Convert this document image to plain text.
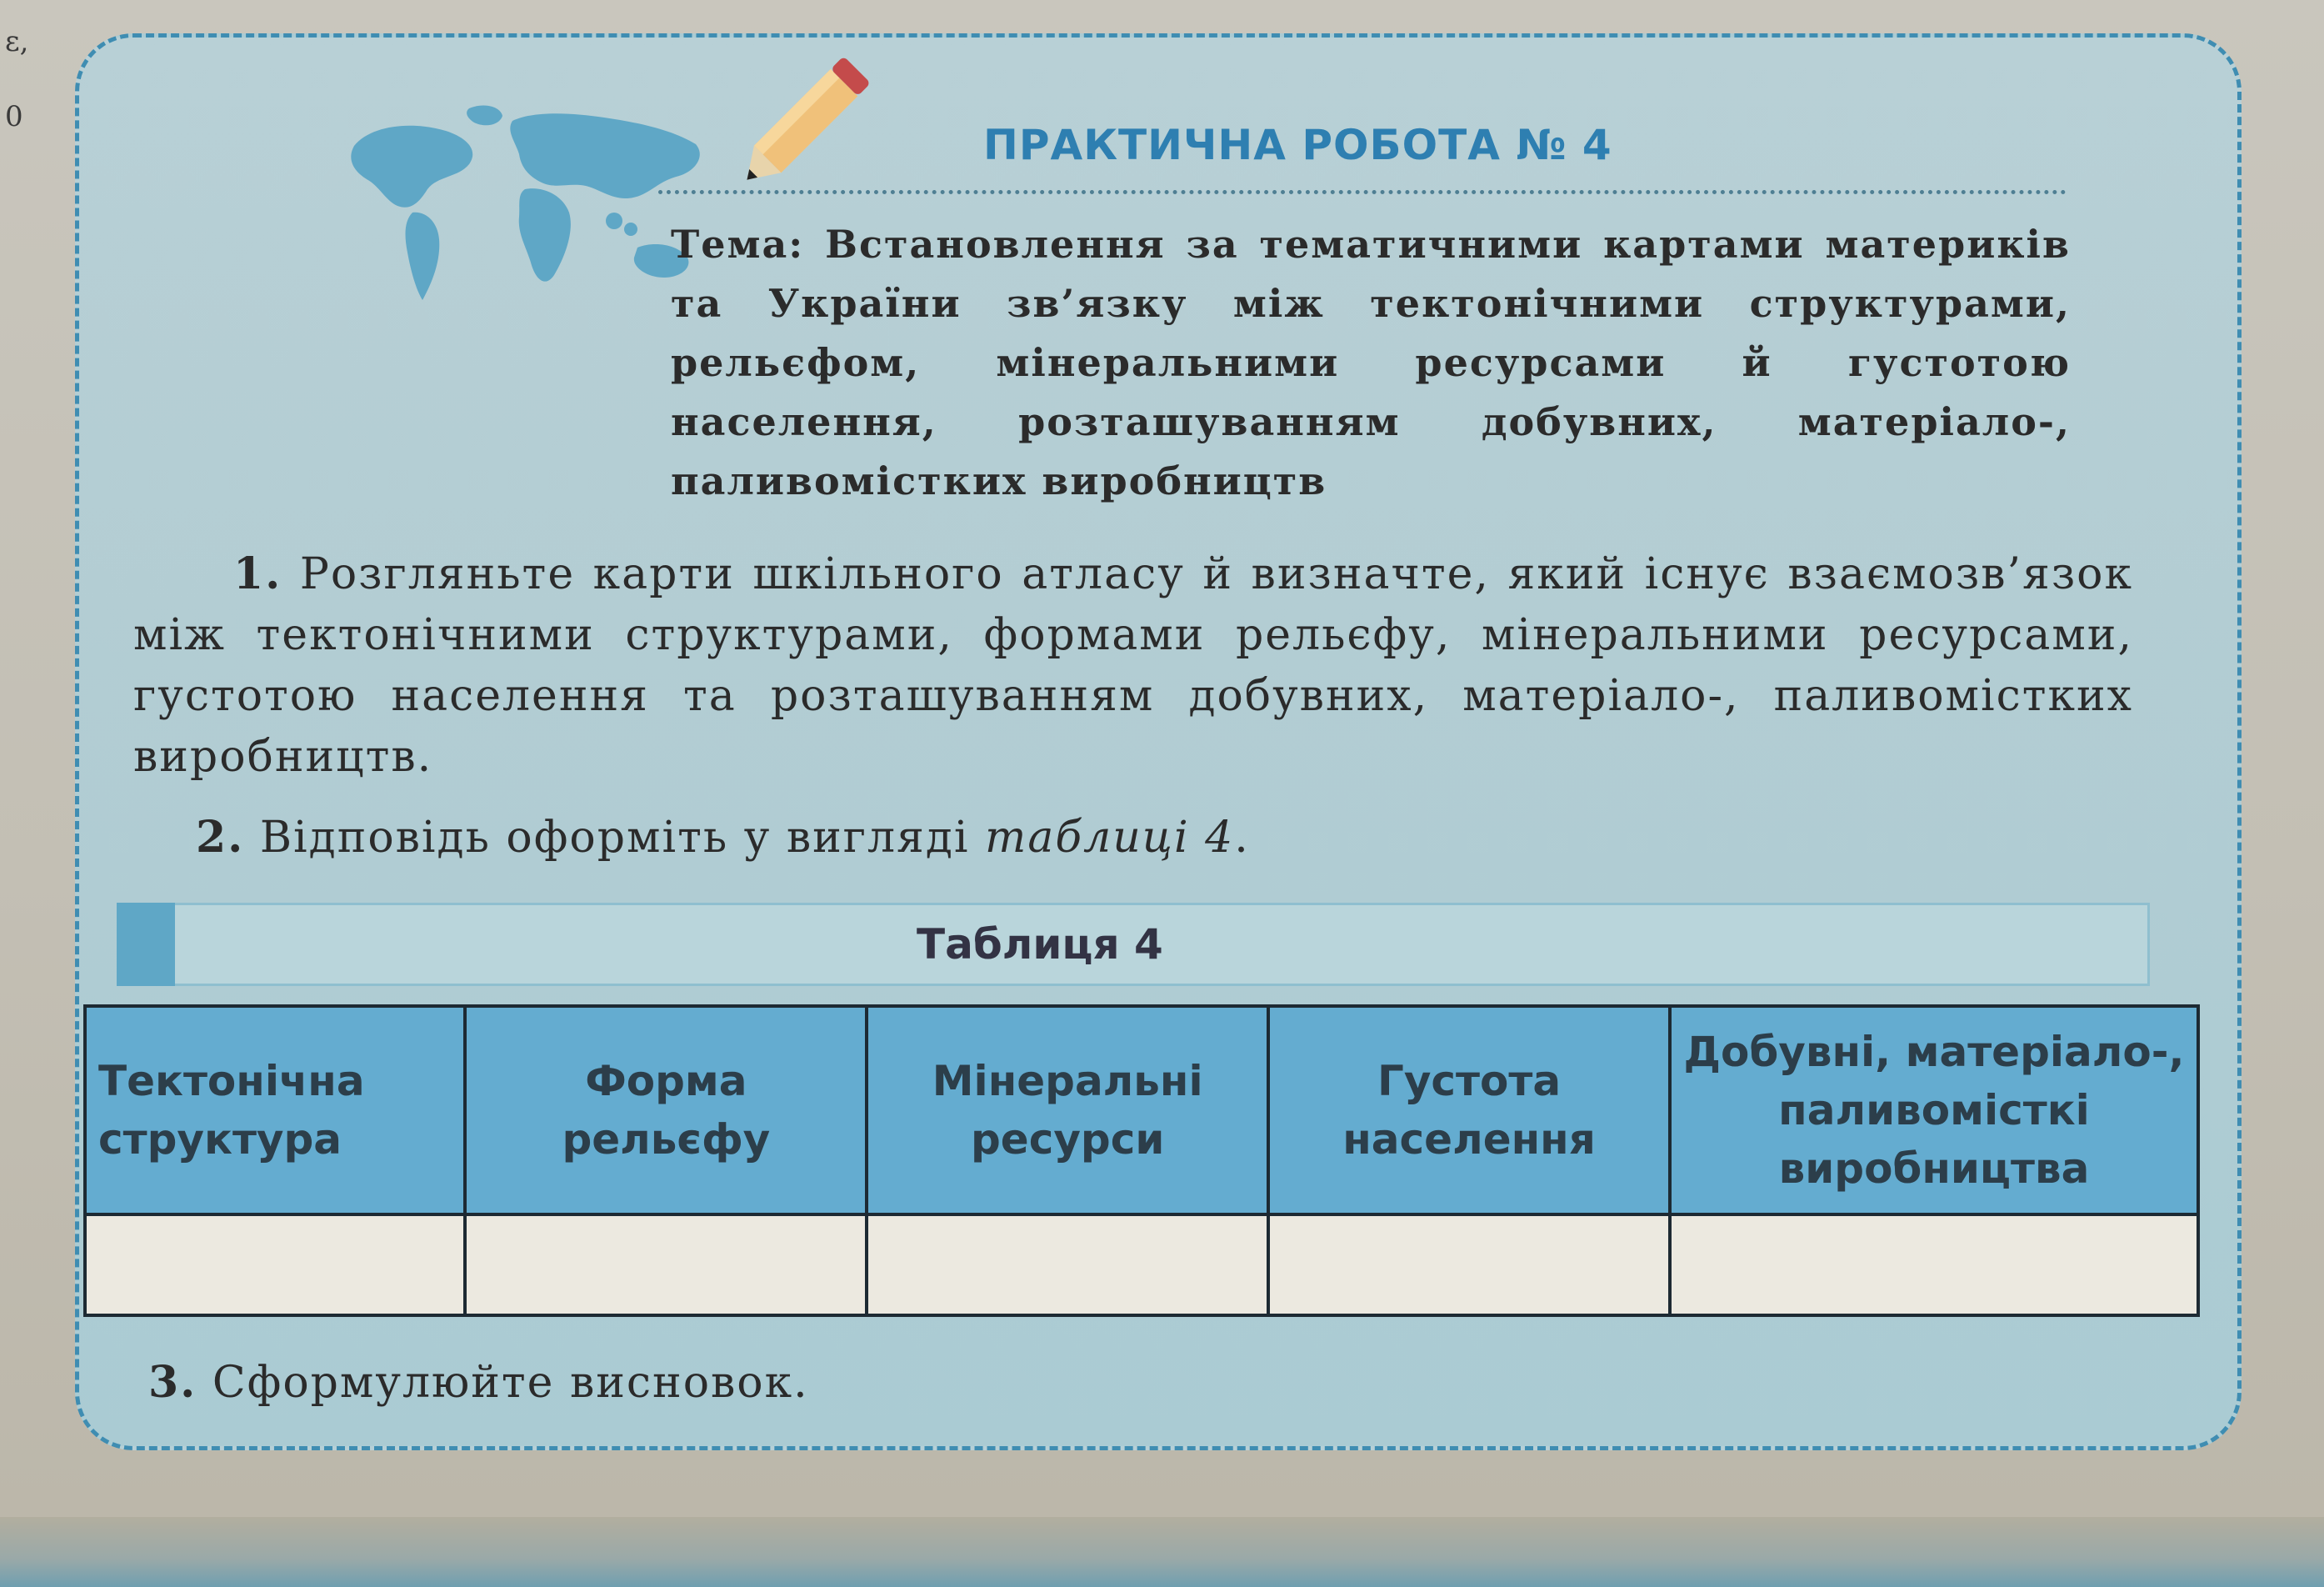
ε,
0
ПРАКТИЧНА РОБОТА № 4
Тема: Встановлення за тематичними картами материків та України зв’язку між тектонічними структурами, рельєфом, мінеральними ресурсами й густотою населення, розташуванням добувних, матеріало-, паливомістких виробництв
1. Розгляньте карти шкільного атласу й визначте, який існує взаємозв’язок між тектонічними структурами, формами рельєфу, мінеральними ресурсами, густотою населення та розташуванням добувних, матеріало-, паливомістких виробництв.
2. Відповідь оформіть у вигляді таблиці 4.
Таблиця 4
Тектонічна структура	Форма рельєфу	Мінеральні ресурси	Густота населення	Добувні, матеріало-, паливомісткі виробництва

3. Сформулюйте висновок.
